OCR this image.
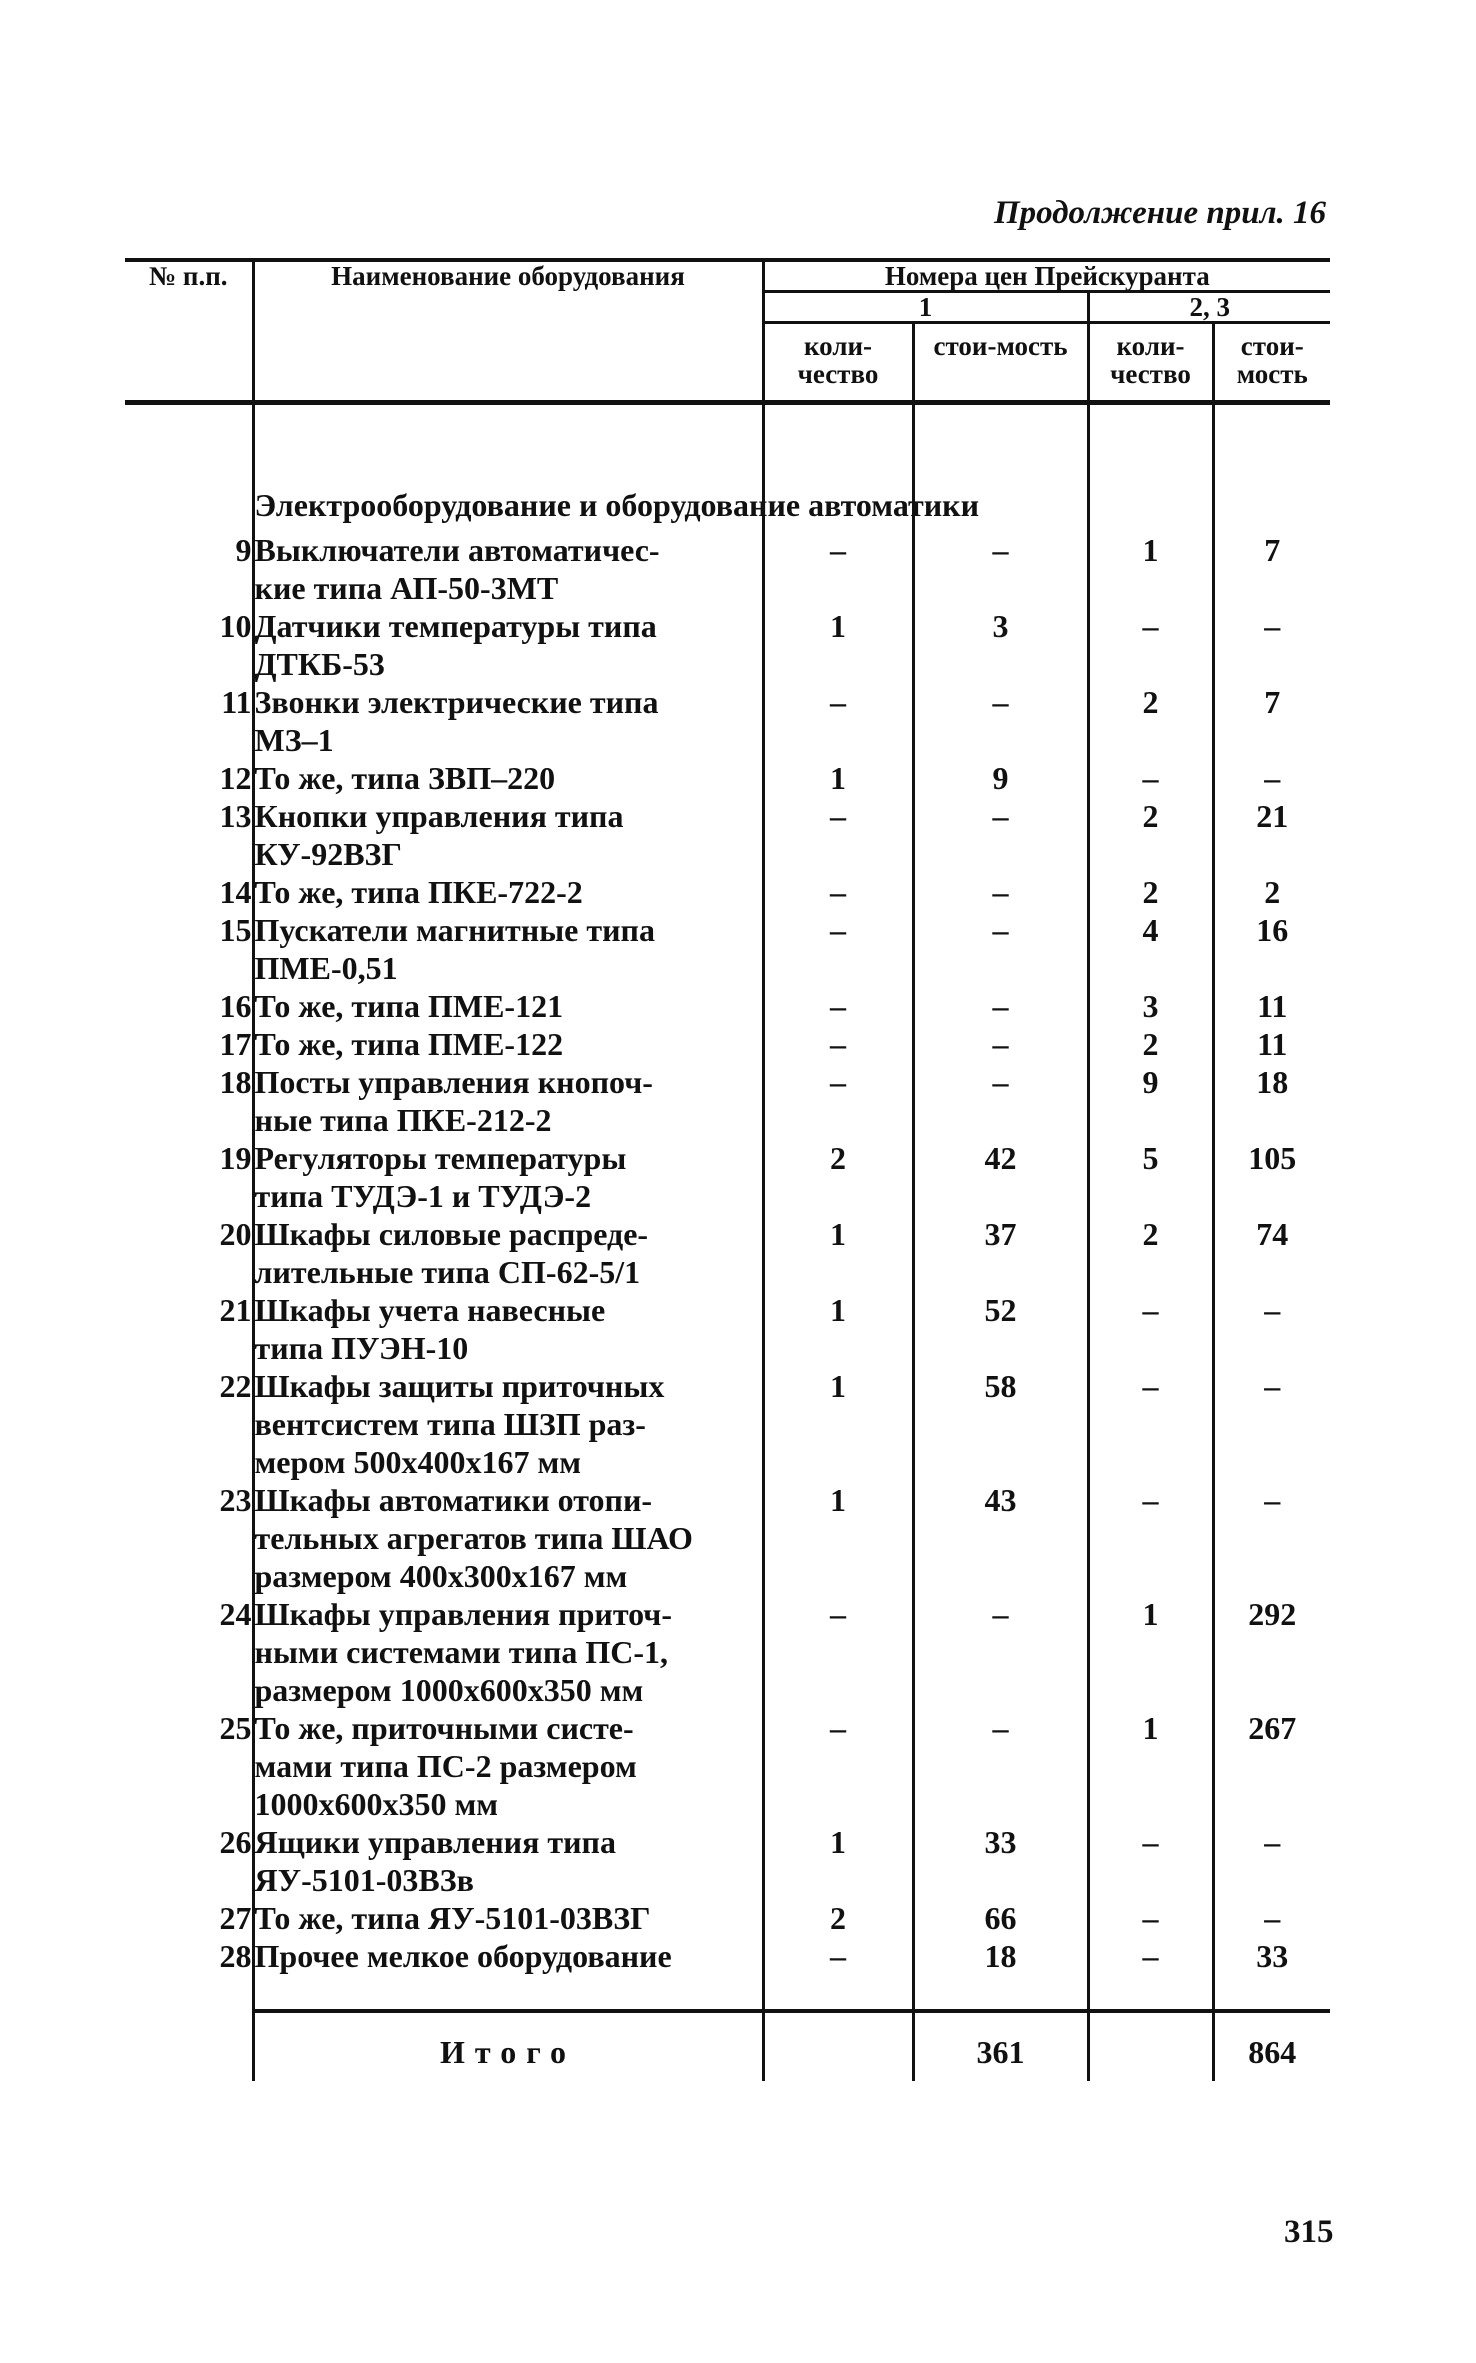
Продолжение прил. 16
№ п.п.	Наименование оборудования	Номера цен Прейскуранта			
		1		2, 3	
		коли-чество	стои-мость	коли-чество	стои-мость
	Электрооборудование и оборудование автоматики				
9	Выключатели автоматичес-
кие типа АП-50-3МТ	–	–	1	7
10	Датчики температуры типа
ДТКБ-53	1	3	–	–
11	Звонки электрические типа
МЗ–1	–	–	2	7
12	То же, типа ЗВП–220	1	9	–	–
13	Кнопки управления типа
КУ-92ВЗГ	–	–	2	21
14	То же, типа ПКЕ-722-2	–	–	2	2
15	Пускатели магнитные типа
ПМЕ-0,51	–	–	4	16
16	То же, типа ПМЕ-121	–	–	3	11
17	То же, типа ПМЕ-122	–	–	2	11
18	Посты управления кнопоч-
ные типа ПКЕ-212-2	–	–	9	18
19	Регуляторы температуры
типа ТУДЭ-1 и ТУДЭ-2	2	42	5	105
20	Шкафы силовые распреде-
лительные типа СП-62-5/1	1	37	2	74
21	Шкафы учета навесные
типа ПУЭН-10	1	52	–	–
22	Шкафы защиты приточных
вентсистем типа ШЗП раз-
мером 500x400x167 мм	1	58	–	–
23	Шкафы автоматики отопи-
тельных агрегатов типа ШАО
размером 400x300x167 мм	1	43	–	–
24	Шкафы управления приточ-
ными системами типа ПС-1,
размером 1000x600x350 мм	–	–	1	292
25	То же, приточными систе-
мами типа ПС-2 размером
1000x600x350 мм	–	–	1	267
26	Ящики управления типа
ЯУ-5101-03ВЗв	1	33	–	–
27	То же, типа ЯУ-5101-03ВЗГ	2	66	–	–
28	Прочее мелкое оборудование	–	18	–	33

	Итого		361		864
315
